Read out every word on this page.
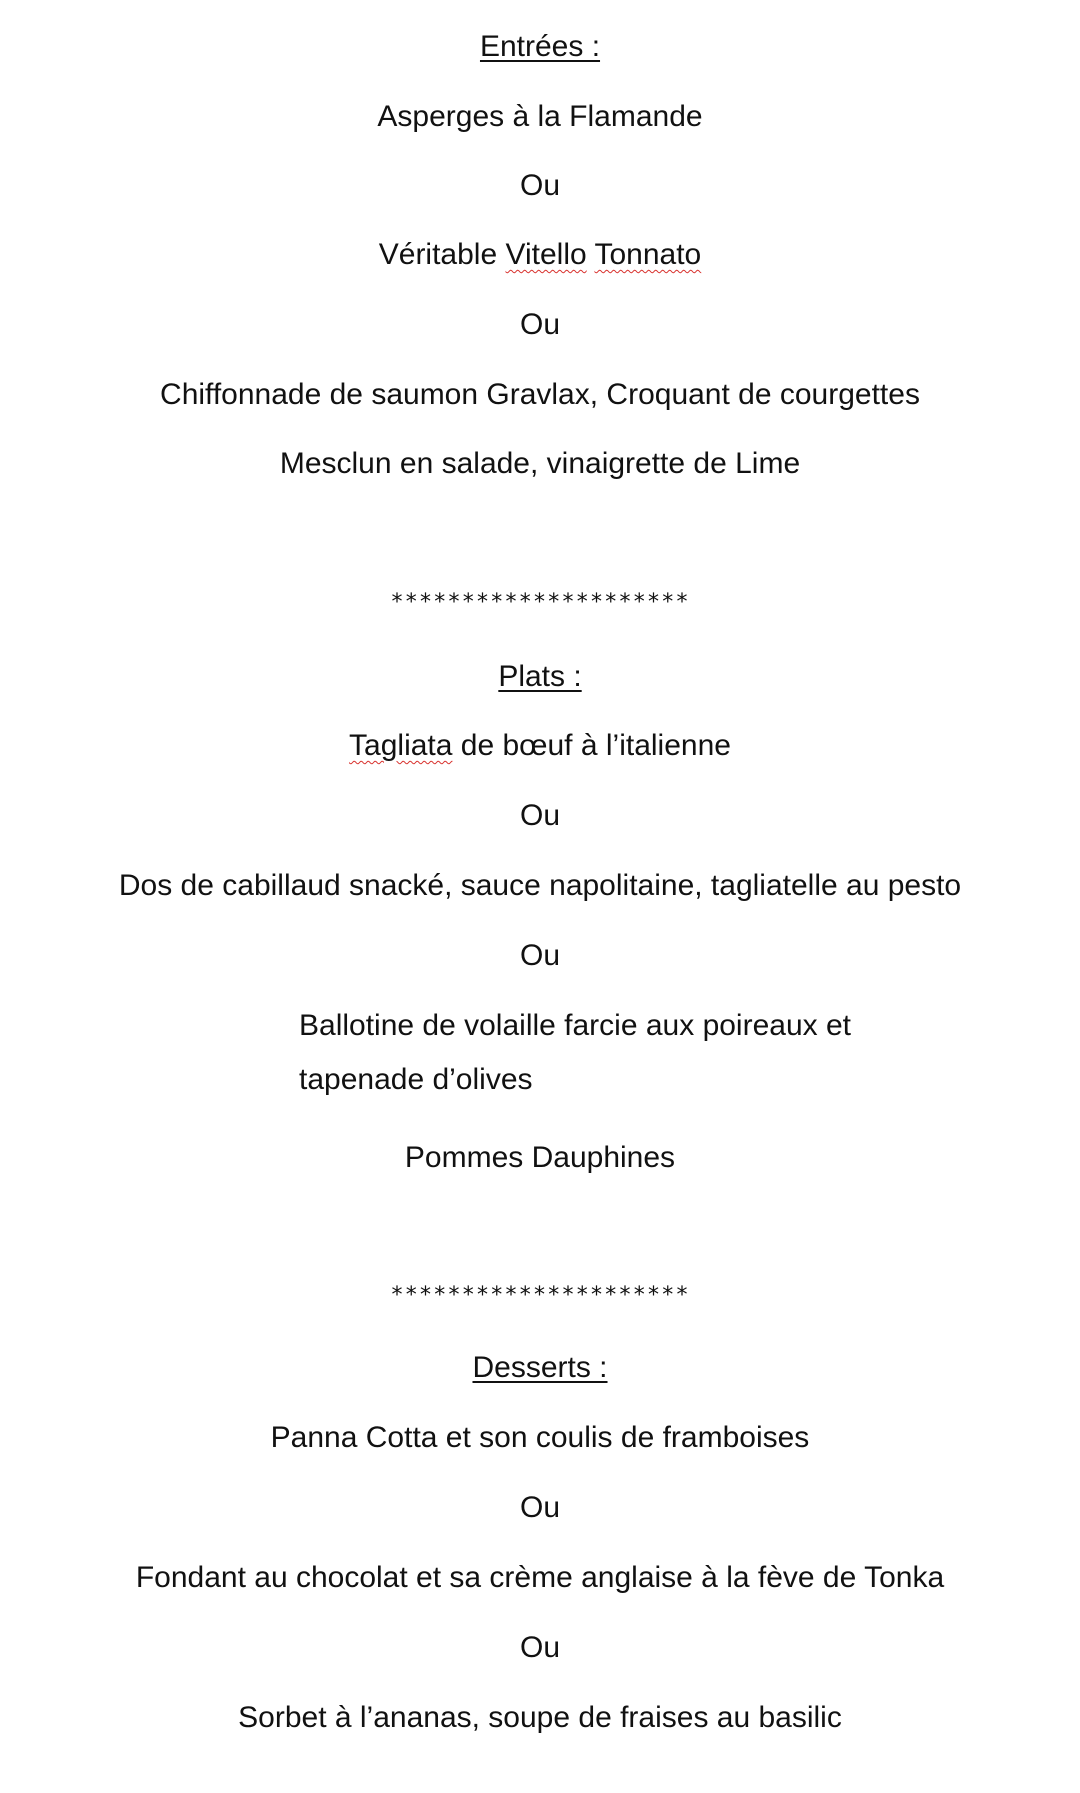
Entrées :
Asperges à la Flamande
Ou
Véritable Vitello Tonnato
Ou
Chiffonnade de saumon Gravlax, Croquant de courgettes
Mesclun en salade, vinaigrette de Lime
*********************
Plats :
Tagliata de bœuf à l’italienne
Ou
Dos de cabillaud snacké, sauce napolitaine, tagliatelle au pesto
Ou
Ballotine de volaille farcie aux poireaux et
tapenade d’olives
Pommes Dauphines
*********************
Desserts :
Panna Cotta et son coulis de framboises
Ou
Fondant au chocolat et sa crème anglaise à la fève de Tonka
Ou
Sorbet à l’ananas, soupe de fraises au basilic
